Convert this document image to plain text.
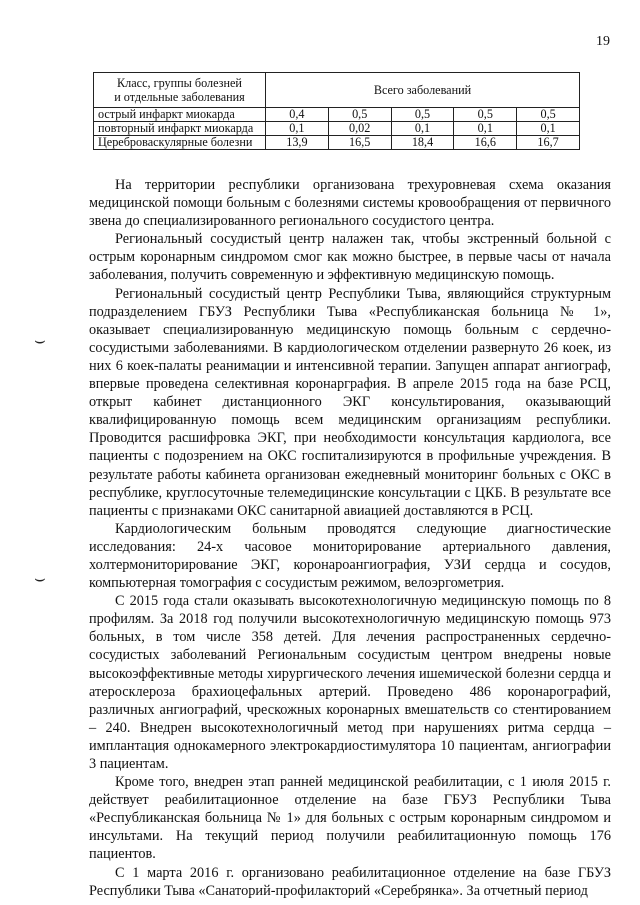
19
Класс, группы болезней
и отдельные заболевания	Всего заболеваний				
острый инфаркт миокарда	0,4	0,5	0,5	0,5	0,5
повторный инфаркт миокарда	0,1	0,02	0,1	0,1	0,1
Цереброваскулярные болезни	13,9	16,5	18,4	16,6	16,7

На территории республики организована трехуровневая схема оказания медицинской помощи больным с болезнями системы кровообращения от первичного звена до специализированного регионального сосудистого центра.

Региональный сосудистый центр налажен так, чтобы экстренный больной с острым коронарным синдромом смог как можно быстрее, в первые часы от начала заболевания, получить современную и эффективную медицинскую помощь.

Региональный сосудистый центр Республики Тыва, являющийся структурным подразделением ГБУЗ Республики Тыва «Республиканская больница № 1», оказывает специализированную медицинскую помощь больным с сердечно-сосудистыми заболеваниями. В кардиологическом отделении развернуто 26 коек, из них 6 коек-палаты реанимации и интенсивной терапии. Запущен аппарат ангиограф, впервые проведена селективная коронарграфия. В апреле 2015 года на базе РСЦ, открыт кабинет дистанционного ЭКГ консультирования, оказывающий квалифицированную помощь всем медицинским организациям республики. Проводится расшифровка ЭКГ, при необходимости консультация кардиолога, все пациенты с подозрением на ОКС госпитализируются в профильные учреждения. В результате работы кабинета организован ежедневный мониторинг больных с ОКС в республике, круглосуточные телемедицинские консультации с ЦКБ. В результате все пациенты с признаками ОКС санитарной авиацией доставляются в РСЦ.

Кардиологическим больным проводятся следующие диагностические исследования: 24-х часовое мониторирование артериального давления, холтермониторирование ЭКГ, коронароангиография, УЗИ сердца и сосудов, компьютерная томография с сосудистым режимом, велоэргометрия.

С 2015 года стали оказывать высокотехнологичную медицинскую помощь по 8 профилям. За 2018 год получили высокотехнологичную медицинскую помощь 973 больных, в том числе 358 детей. Для лечения распространенных сердечно-сосудистых заболеваний Региональным сосудистым центром внедрены новые высокоэффективные методы хирургического лечения ишемической болезни сердца и атеросклероза брахиоцефальных артерий. Проведено 486 коронарографий, различных ангиографий, чрескожных коронарных вмешательств со стентированием – 240. Внедрен высокотехнологичный метод при нарушениях ритма сердца – имплантация однокамерного электрокардиостимулятора 10 пациентам, ангиографии 3 пациентам.

Кроме того, внедрен этап ранней медицинской реабилитации, с 1 июля 2015 г. действует реабилитационное отделение на базе ГБУЗ Республики Тыва «Республиканская больница № 1» для больных с острым коронарным синдромом и инсультами. На текущий период получили реабилитационную помощь 176 пациентов.

С 1 марта 2016 г. организовано реабилитационное отделение на базе ГБУЗ Республики Тыва «Санаторий-профилакторий «Серебрянка». За отчетный период

⌣
⌣
